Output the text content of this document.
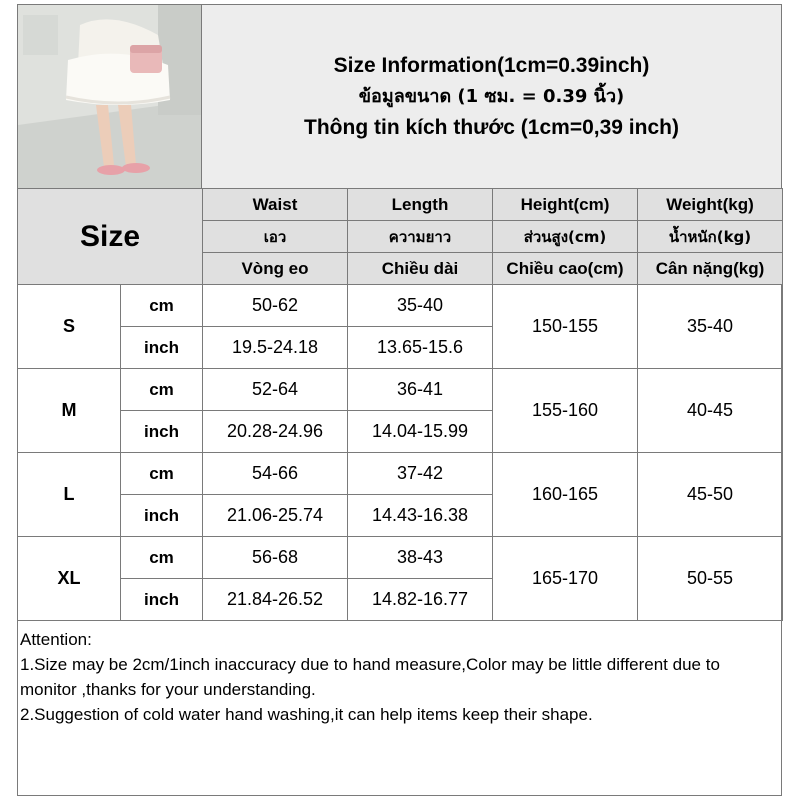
Size Information(1cm=0.39inch)
ข้อมูลขนาด (1 ซม. = 0.39 นิ้ว)
Thông tin kích thước (1cm=0,39 inch)
Size		Waist	Length	Height(cm)	Weight(kg)
		เอว	ความยาว	ส่วนสูง(cm)	น้ำหนัก(kg)
		Vòng eo	Chiều dài	Chiều cao(cm)	Cân nặng(kg)
S	cm	50-62	35-40	150-155	35-40
	inch	19.5-24.18	13.65-15.6		
M	cm	52-64	36-41	155-160	40-45
	inch	20.28-24.96	14.04-15.99		
L	cm	54-66	37-42	160-165	45-50
	inch	21.06-25.74	14.43-16.38		
XL	cm	56-68	38-43	165-170	50-55
	inch	21.84-26.52	14.82-16.77		
Attention:
1.Size may be 2cm/1inch inaccuracy due to hand measure,Color may be little different due to monitor ,thanks for your understanding.
2.Suggestion of cold water hand washing,it can help items keep their shape.
